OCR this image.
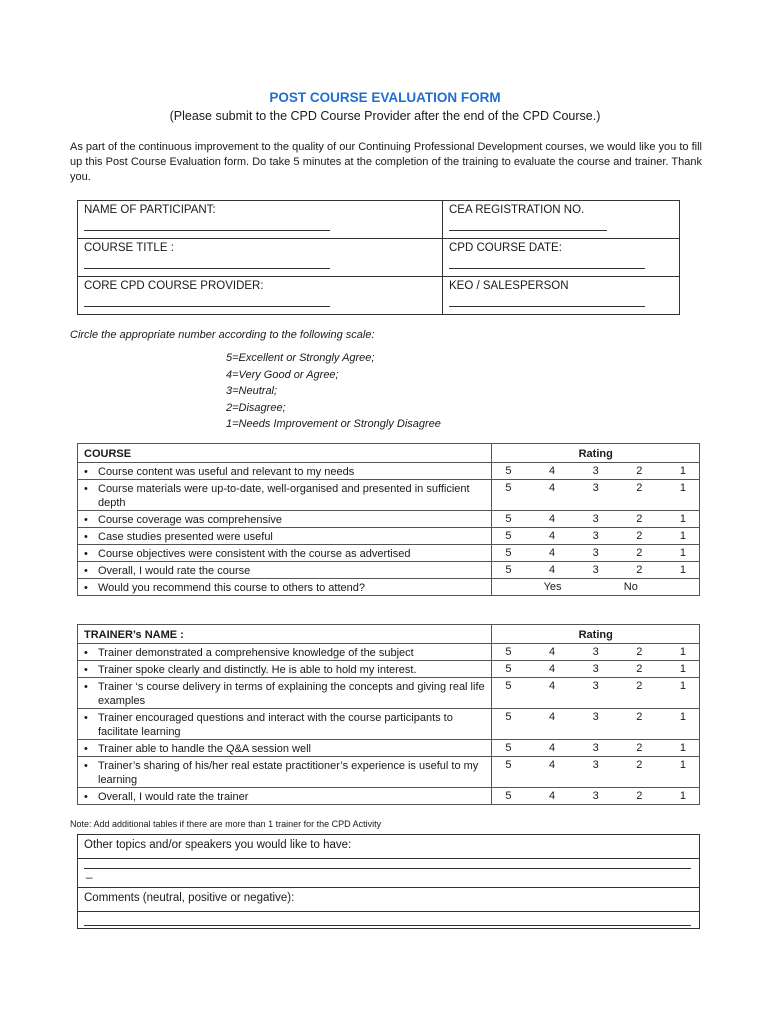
POST COURSE EVALUATION FORM
(Please submit to the CPD Course Provider after the end of the CPD Course.)
As part of the continuous improvement to the quality of our Continuing Professional Development courses, we would like you to fill up this Post Course Evaluation form. Do take 5 minutes at the completion of the training to evaluate the course and trainer. Thank you.
NAME OF PARTICIPANT:	CEA REGISTRATION NO.

COURSE TITLE :	CPD COURSE DATE:

CORE CPD COURSE PROVIDER:	KEO / SALESPERSON

Circle the appropriate number according to the following scale:
5=Excellent or Strongly Agree;
4=Very Good or Agree;
3=Neutral;
2=Disagree;
1=Needs Improvement or Strongly Disagree
COURSE	Rating

• Course content was useful and relevant to my needs	5 4 3 2 1

• Course materials were up-to-date, well-organised and presented in sufficient depth	5 4 3 2 1

• Course coverage was comprehensive	5 4 3 2 1

• Case studies presented were useful	5 4 3 2 1

• Course objectives were consistent with the course as advertised	5 4 3 2 1

• Overall, I would rate the course	5 4 3 2 1

• Would you recommend this course to others to attend?	Yes No
TRAINER’s NAME :	Rating

• Trainer demonstrated a comprehensive knowledge of the subject	5 4 3 2 1

• Trainer spoke clearly and distinctly. He is able to hold my interest.	5 4 3 2 1

• Trainer ‘s course delivery in terms of explaining the concepts and giving real life examples	5 4 3 2 1

• Trainer encouraged questions and interact with the course participants to facilitate learning	5 4 3 2 1

• Trainer able to handle the Q&A session well	5 4 3 2 1

• Trainer’s sharing of his/her real estate practitioner’s experience is useful to my learning	5 4 3 2 1

• Overall, I would rate the trainer	5 4 3 2 1
Note: Add additional tables if there are more than 1 trainer for the CPD Activity
Other topics and/or speakers you would like to have:

_

Comments (neutral, positive or negative):
